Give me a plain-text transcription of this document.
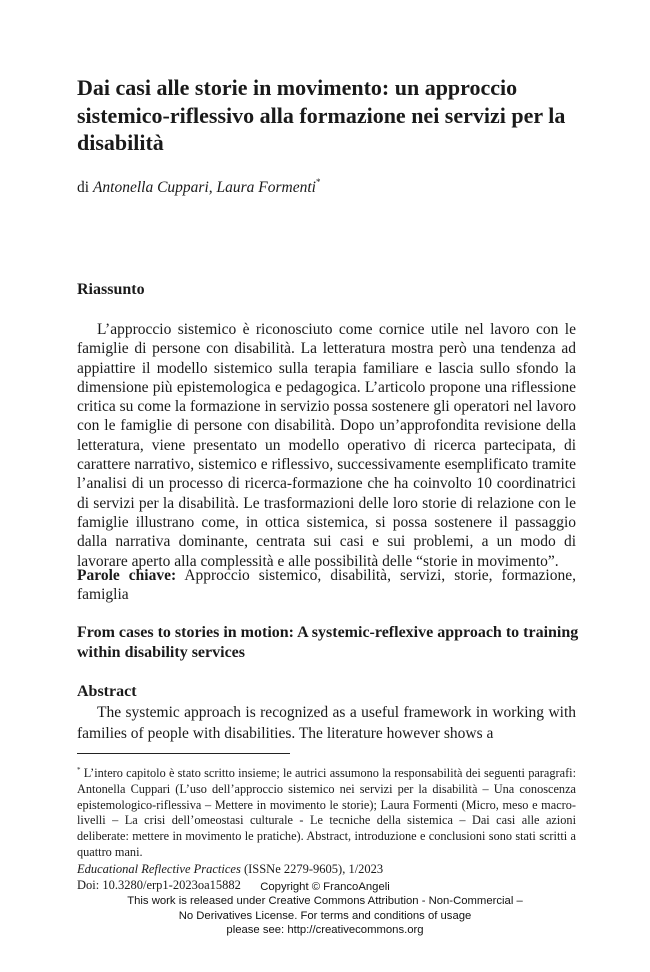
Dai casi alle storie in movimento: un approccio sistemico-riflessivo alla formazione nei servizi per la disabilità
di Antonella Cuppari, Laura Formenti*
Riassunto

L’approccio sistemico è riconosciuto come cornice utile nel lavoro con le famiglie di persone con disabilità. La letteratura mostra però una tendenza ad appiattire il modello sistemico sulla terapia familiare e lascia sullo sfondo la dimensione più epistemologica e pedagogica. L’articolo propone una riflessione critica su come la formazione in servizio possa sostenere gli operatori nel lavoro con le famiglie di persone con disabilità. Dopo un’approfondita revisione della letteratura, viene presentato un modello operativo di ricerca partecipata, di carattere narrativo, sistemico e riflessivo, successivamente esemplificato tramite l’analisi di un processo di ricerca-formazione che ha coinvolto 10 coordinatrici di servizi per la disabilità. Le trasformazioni delle loro storie di relazione con le famiglie illustrano come, in ottica sistemica, si possa sostenere il passaggio dalla narrativa dominante, centrata sui casi e sui problemi, a un modo di lavorare aperto alla complessità e alle possibilità delle “storie in movimento”.

Parole chiave: Approccio sistemico, disabilità, servizi, storie, formazione, famiglia

From cases to stories in motion: A systemic-reflexive approach to training within disability services
Abstract

The systemic approach is recognized as a useful framework in working with families of people with disabilities. The literature however shows a

* L’intero capitolo è stato scritto insieme; le autrici assumono la responsabilità dei seguenti paragrafi: Antonella Cuppari (L’uso dell’approccio sistemico nei servizi per la disabilità – Una conoscenza epistemologico-riflessiva – Mettere in movimento le storie); Laura Formenti (Micro, meso e macro-livelli – La crisi dell’omeostasi culturale - Le tecniche della sistemica – Dai casi alle azioni deliberate: mettere in movimento le pratiche). Abstract, introduzione e conclusioni sono stati scritti a quattro mani.

Educational Reflective Practices (ISSNe 2279-9605), 1/2023
Doi: 10.3280/erp1-2023oa15882	Copyright © FrancoAngeli
This work is released under Creative Commons Attribution - Non-Commercial –
No Derivatives License. For terms and conditions of usage
please see: http://creativecommons.org
